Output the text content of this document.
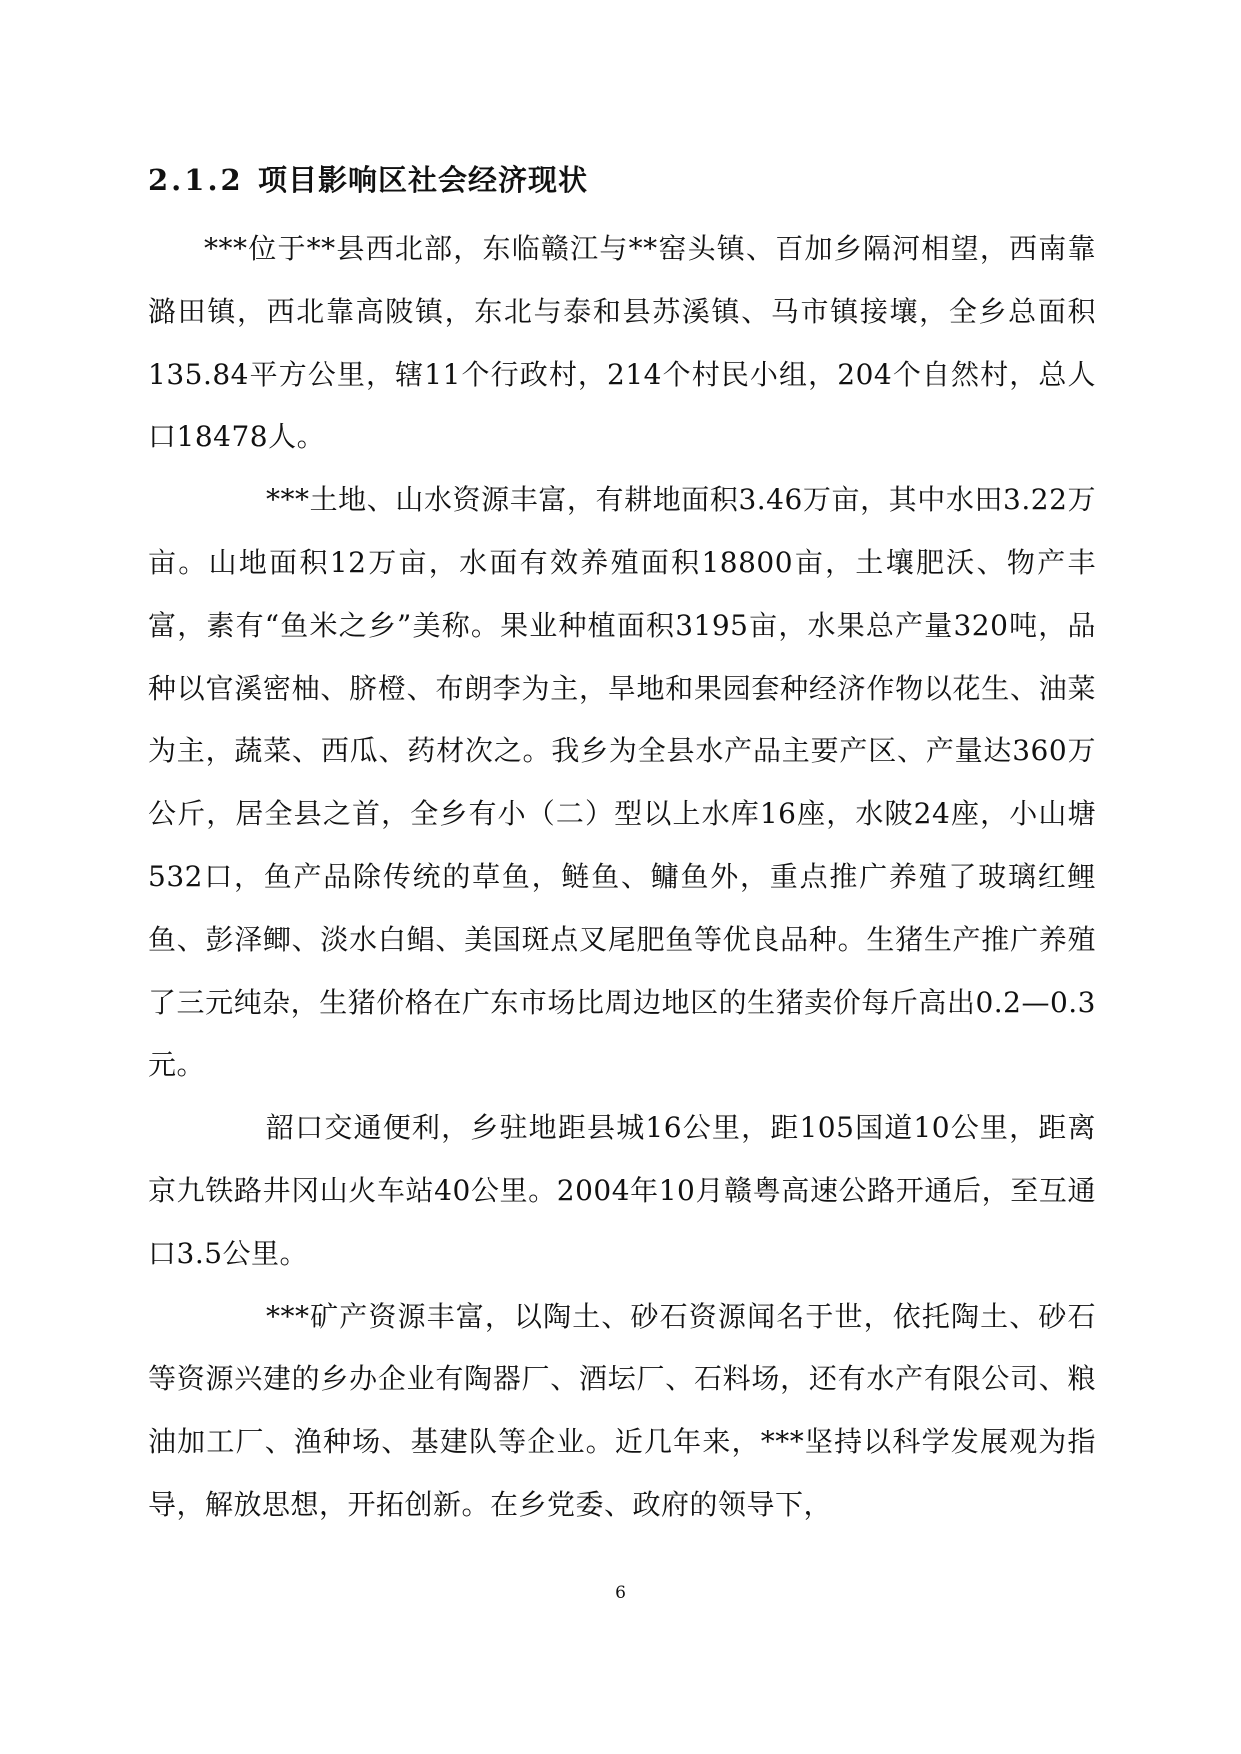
2.1.2 项目影响区社会经济现状

***位于**县西北部，东临赣江与**窑头镇、百加乡隔河相望，西南靠潞田镇，西北靠高陂镇，东北与泰和县苏溪镇、马市镇接壤，全乡总面积135.84平方公里，辖11个行政村，214个村民小组，204个自然村，总人口18478人。

***土地、山水资源丰富，有耕地面积3.46万亩，其中水田3.22万亩。山地面积12万亩，水面有效养殖面积18800亩，土壤肥沃、物产丰富，素有“鱼米之乡”美称。果业种植面积3195亩，水果总产量320吨，品种以官溪密柚、脐橙、布朗李为主，旱地和果园套种经济作物以花生、油菜为主，蔬菜、西瓜、药材次之。我乡为全县水产品主要产区、产量达360万公斤，居全县之首，全乡有小（二）型以上水库16座，水陂24座，小山塘532口，鱼产品除传统的草鱼，鲢鱼、鳙鱼外，重点推广养殖了玻璃红鲤鱼、彭泽鲫、淡水白鲳、美国斑点叉尾肥鱼等优良品种。生猪生产推广养殖了三元纯杂，生猪价格在广东市场比周边地区的生猪卖价每斤高出0.2—0.3元。

韶口交通便利，乡驻地距县城16公里，距105国道10公里，距离京九铁路井冈山火车站40公里。2004年10月赣粤高速公路开通后，至互通口3.5公里。

***矿产资源丰富，以陶土、砂石资源闻名于世，依托陶土、砂石等资源兴建的乡办企业有陶器厂、酒坛厂、石料场，还有水产有限公司、粮油加工厂、渔种场、基建队等企业。近几年来，***坚持以科学发展观为指导，解放思想，开拓创新。在乡党委、政府的领导下，

6
